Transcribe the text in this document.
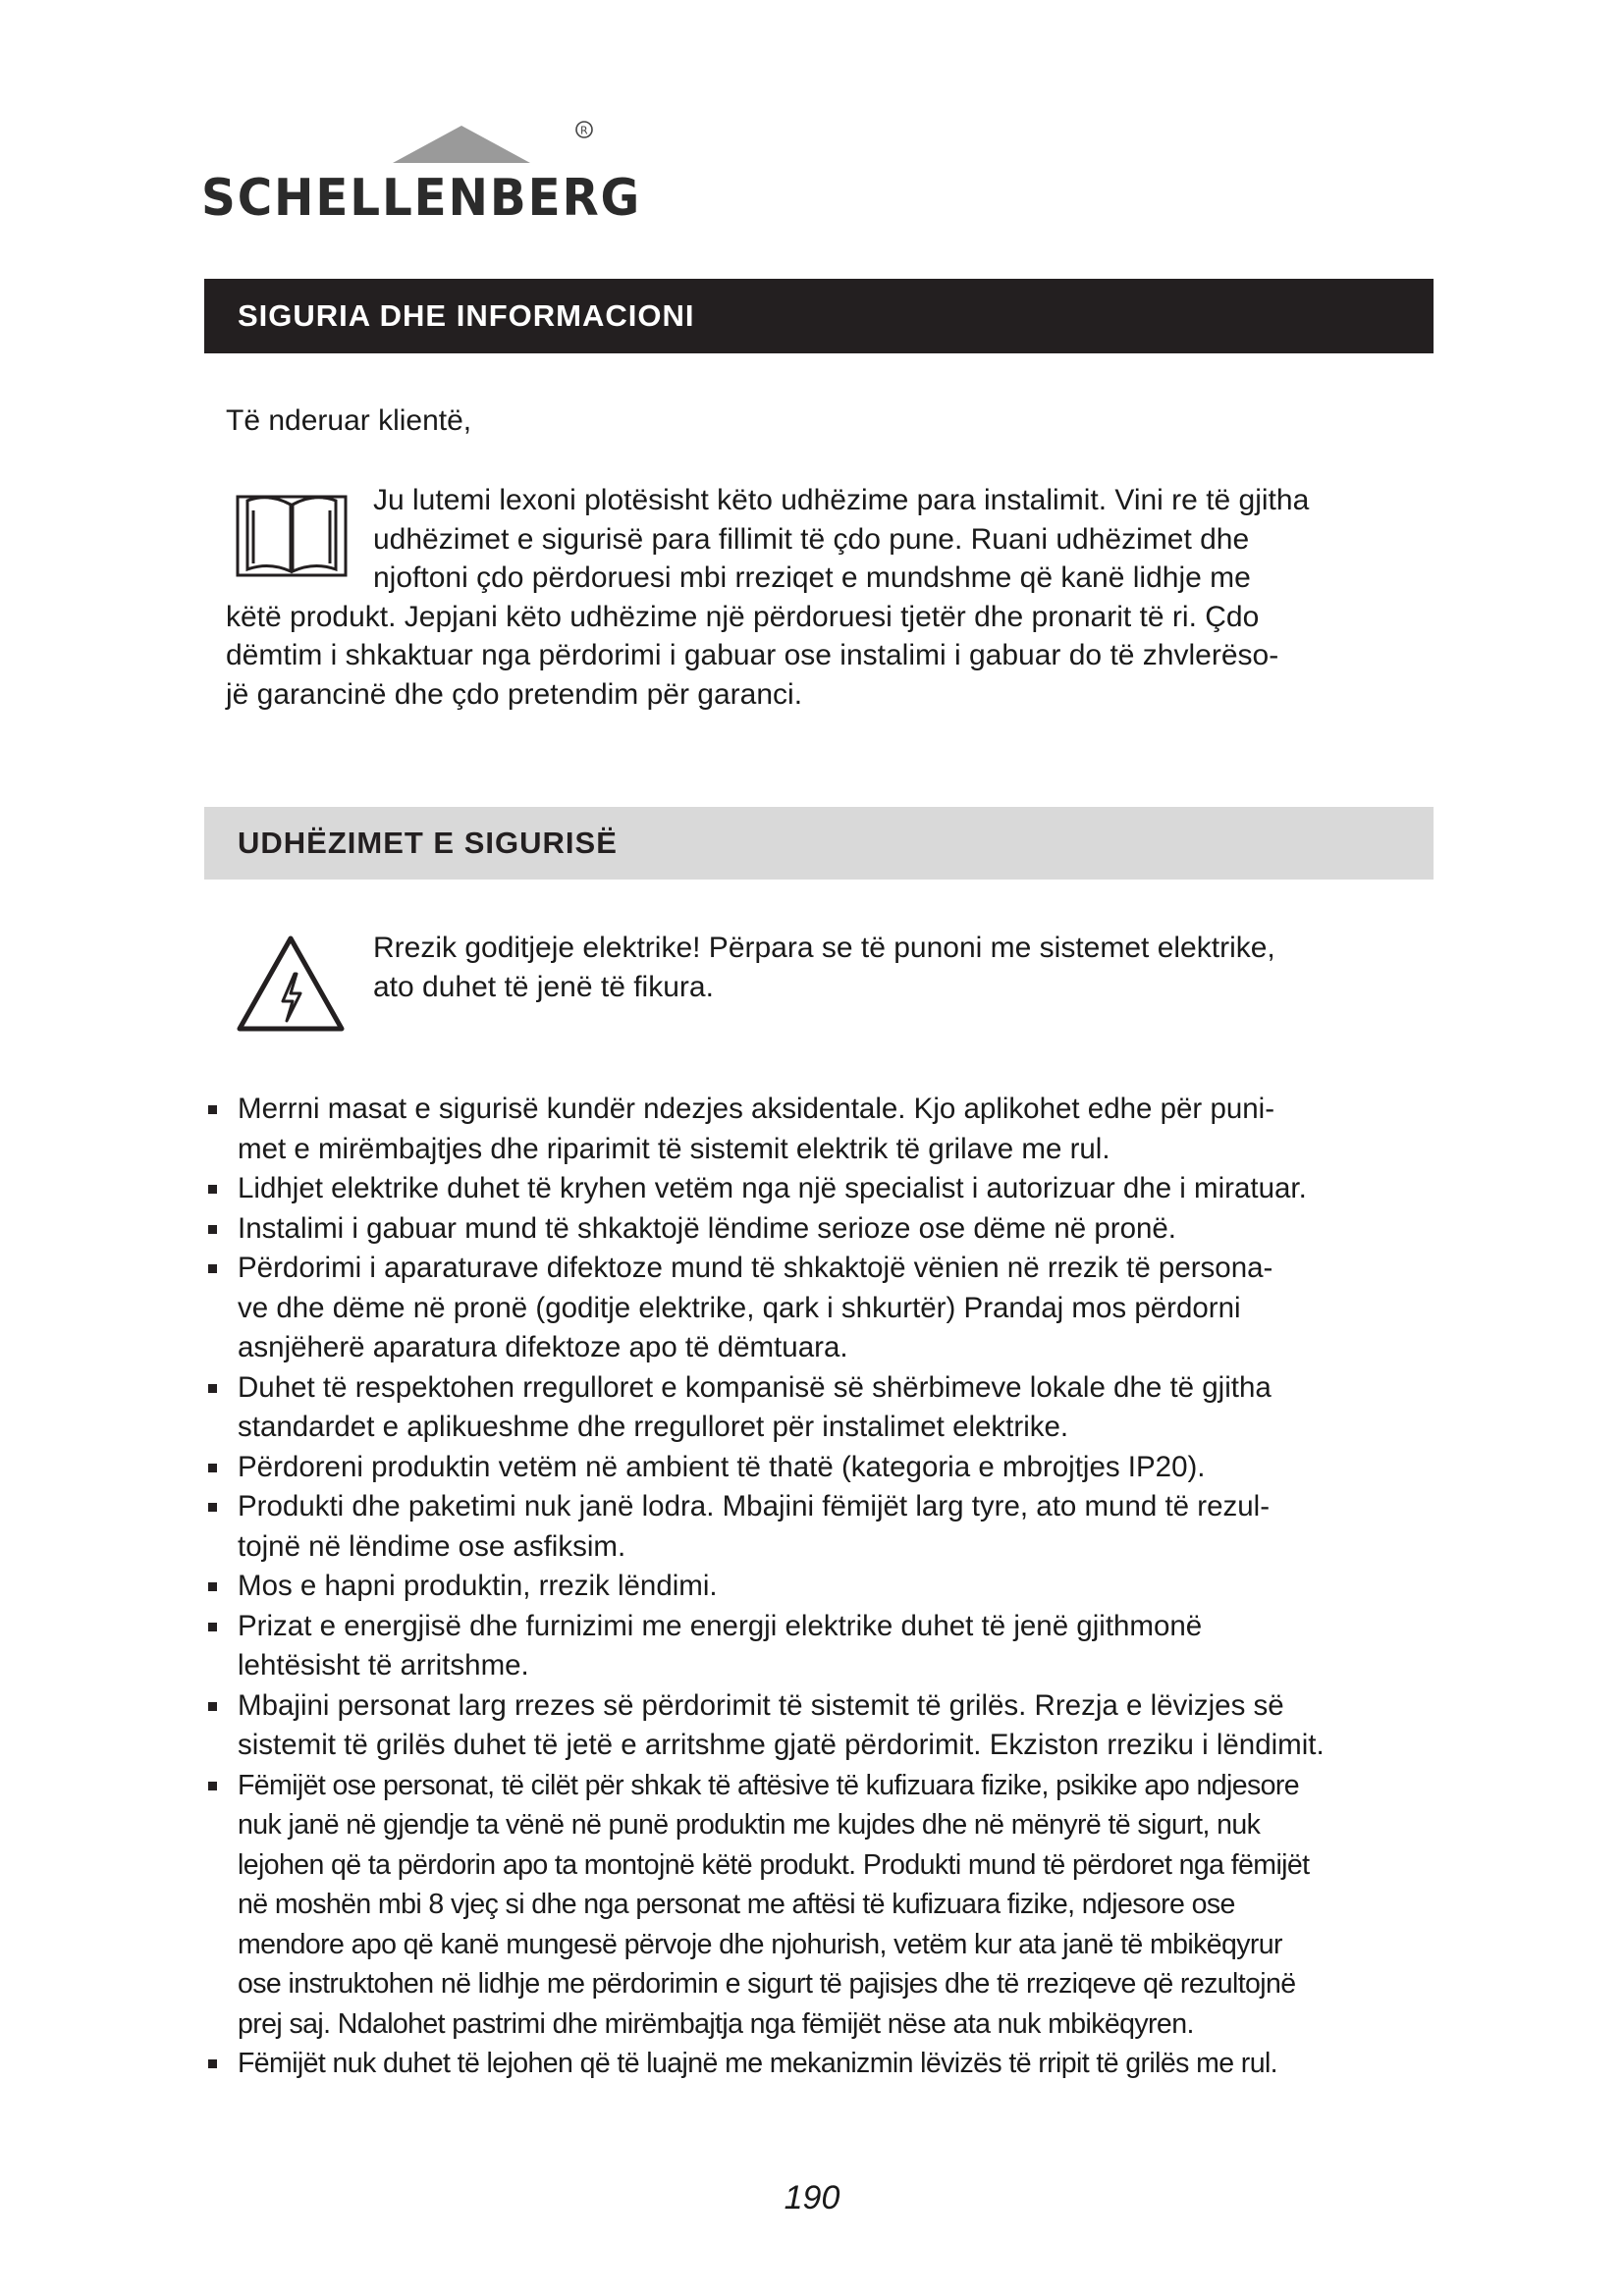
R
SCHELLENBERG
SIGURIA DHE INFORMACIONI
Të nderuar klientë,
Ju lutemi lexoni plotësisht këto udhëzime para instalimit. Vini re të gjitha
udhëzimet e sigurisë para fillimit të çdo pune. Ruani udhëzimet dhe
njoftoni çdo përdoruesi mbi rreziqet e mundshme që kanë lidhje me
këtë produkt. Jepjani këto udhëzime një përdoruesi tjetër dhe pronarit të ri. Çdo
dëmtim i shkaktuar nga përdorimi i gabuar ose instalimi i gabuar do të zhvlerëso-
jë garancinë dhe çdo pretendim për garanci.
UDHËZIMET E SIGURISË
Rrezik goditjeje elektrike! Përpara se të punoni me sistemet elektrike,
ato duhet të jenë të fikura.
Merrni masat e sigurisë kundër ndezjes aksidentale. Kjo aplikohet edhe për puni-
met e mirëmbajtjes dhe riparimit të sistemit elektrik të grilave me rul.
Lidhjet elektrike duhet të kryhen vetëm nga një specialist i autorizuar dhe i miratuar.
Instalimi i gabuar mund të shkaktojë lëndime serioze ose dëme në pronë.
Përdorimi i aparaturave difektoze mund të shkaktojë vënien në rrezik të persona-
ve dhe dëme në pronë (goditje elektrike, qark i shkurtër) Prandaj mos përdorni
asnjëherë aparatura difektoze apo të dëmtuara.
Duhet të respektohen rregulloret e kompanisë së shërbimeve lokale dhe të gjitha
standardet e aplikueshme dhe rregulloret për instalimet elektrike.
Përdoreni produktin vetëm në ambient të thatë (kategoria e mbrojtjes IP20).
Produkti dhe paketimi nuk janë lodra. Mbajini fëmijët larg tyre, ato mund të rezul-
tojnë në lëndime ose asfiksim.
Mos e hapni produktin, rrezik lëndimi.
Prizat e energjisë dhe furnizimi me energji elektrike duhet të jenë gjithmonë
lehtësisht të arritshme.
Mbajini personat larg rrezes së përdorimit të sistemit të grilës. Rrezja e lëvizjes së
sistemit të grilës duhet të jetë e arritshme gjatë përdorimit. Ekziston rreziku i lëndimit.
Fëmijët ose personat, të cilët për shkak të aftësive të kufizuara fizike, psikike apo ndjesore
nuk janë në gjendje ta vënë në punë produktin me kujdes dhe në mënyrë të sigurt, nuk
lejohen që ta përdorin apo ta montojnë këtë produkt. Produkti mund të përdoret nga fëmijët
në moshën mbi 8 vjeç si dhe nga personat me aftësi të kufizuara fizike, ndjesore ose
mendore apo që kanë mungesë përvoje dhe njohurish, vetëm kur ata janë të mbikëqyrur
ose instruktohen në lidhje me përdorimin e sigurt të pajisjes dhe të rreziqeve që rezultojnë
prej saj. Ndalohet pastrimi dhe mirëmbajtja nga fëmijët nëse ata nuk mbikëqyren.
Fëmijët nuk duhet të lejohen që të luajnë me mekanizmin lëvizës të rripit të grilës me rul.
190
